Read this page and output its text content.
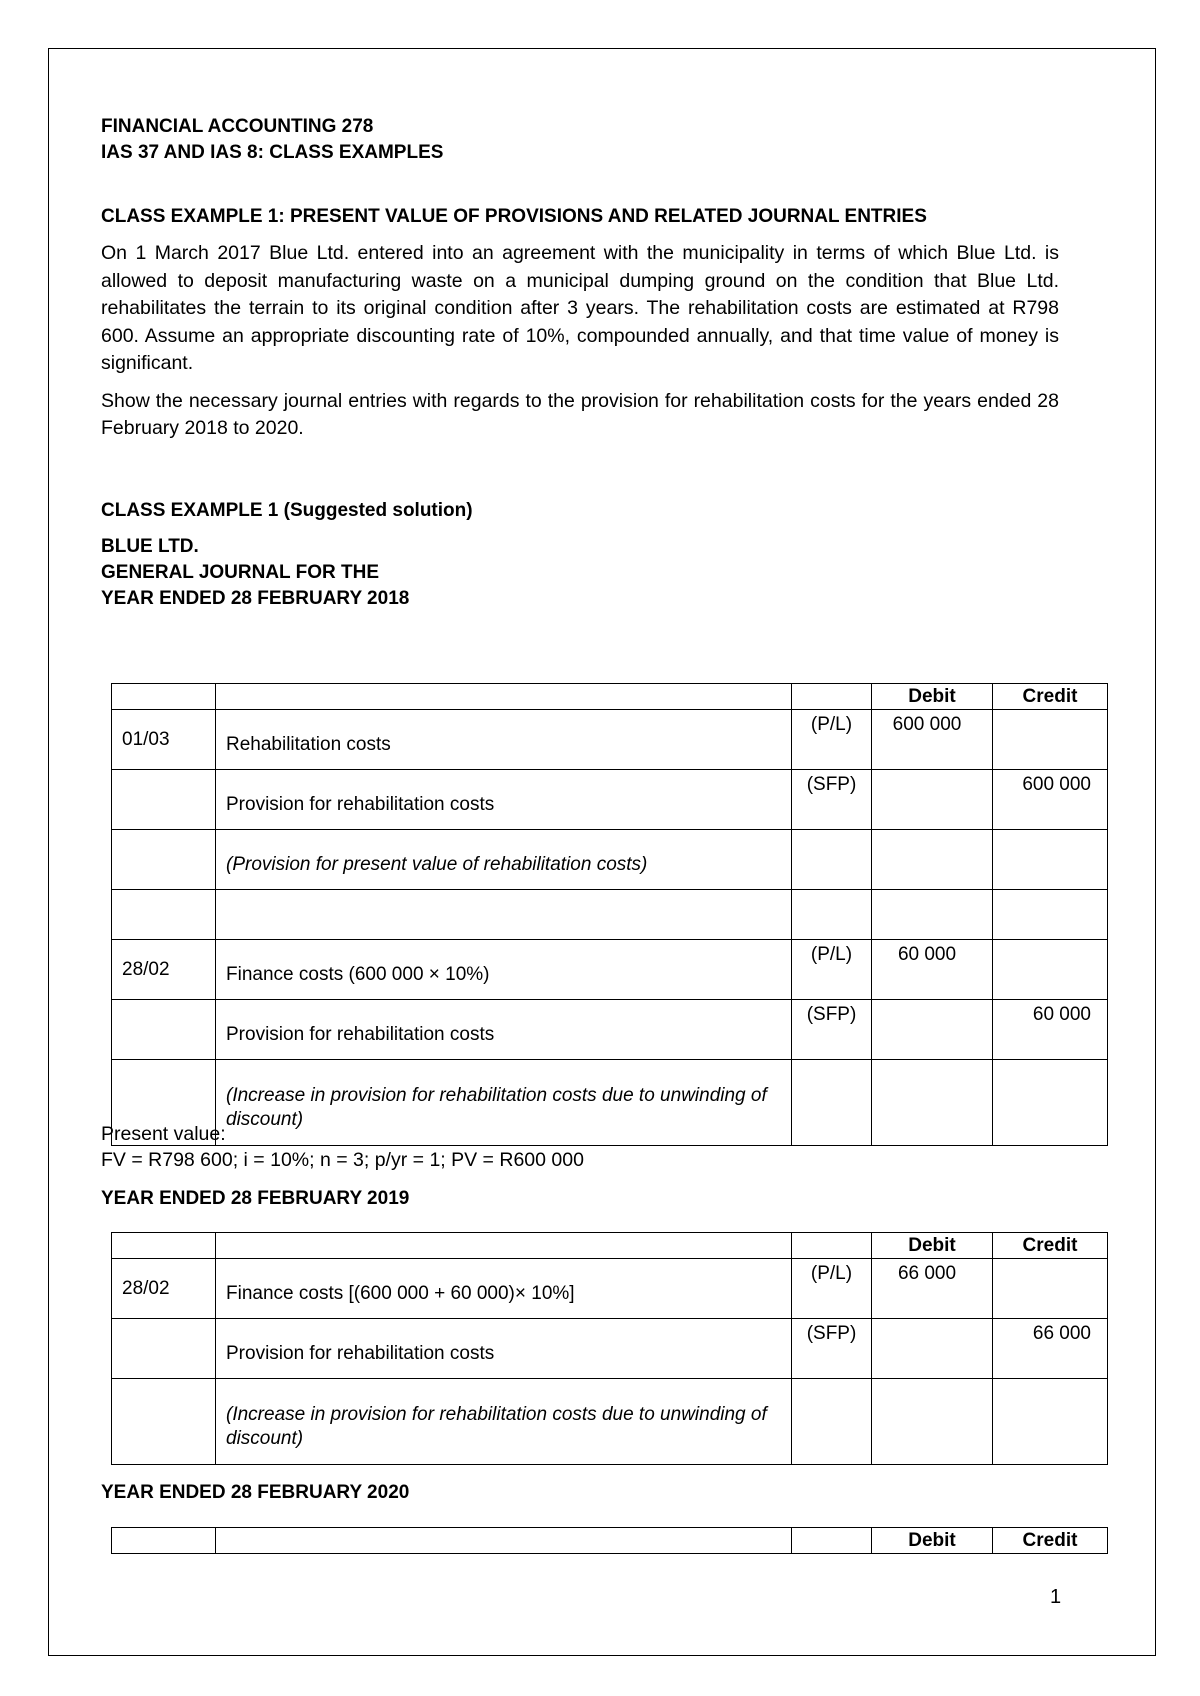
FINANCIAL ACCOUNTING 278

IAS 37 AND IAS 8: CLASS EXAMPLES

CLASS EXAMPLE 1: PRESENT VALUE OF PROVISIONS AND RELATED JOURNAL ENTRIES

On 1 March 2017 Blue Ltd. entered into an agreement with the municipality in terms of which Blue Ltd. is allowed to deposit manufacturing waste on a municipal dumping ground on the condition that Blue Ltd. rehabilitates the terrain to its original condition after 3 years. The rehabilitation costs are estimated at R798 600. Assume an appropriate discounting rate of 10%, compounded annually, and that time value of money is significant.

Show the necessary journal entries with regards to the provision for rehabilitation costs for the years ended 28 February 2018 to 2020.

CLASS EXAMPLE 1 (Suggested solution)

BLUE LTD.

GENERAL JOURNAL FOR THE

YEAR ENDED 28 FEBRUARY 2018

			Debit	Credit
01/03	Rehabilitation costs	(P/L)	600 000	
	Provision for rehabilitation costs	(SFP)		600 000
	(Provision for present value of rehabilitation costs)			

28/02	Finance costs (600 000 × 10%)	(P/L)	60 000	
	Provision for rehabilitation costs	(SFP)		60 000
	(Increase in provision for rehabilitation costs due to unwinding of discount)			
Present value:
FV = R798 600; i = 10%; n = 3; p/yr = 1; PV = R600 000
YEAR ENDED 28 FEBRUARY 2019
			Debit	Credit
28/02	Finance costs [(600 000 + 60 000)× 10%]	(P/L)	66 000	
	Provision for rehabilitation costs	(SFP)		66 000
	(Increase in provision for rehabilitation costs due to unwinding of discount)			
YEAR ENDED 28 FEBRUARY 2020
			Debit	Credit
1
